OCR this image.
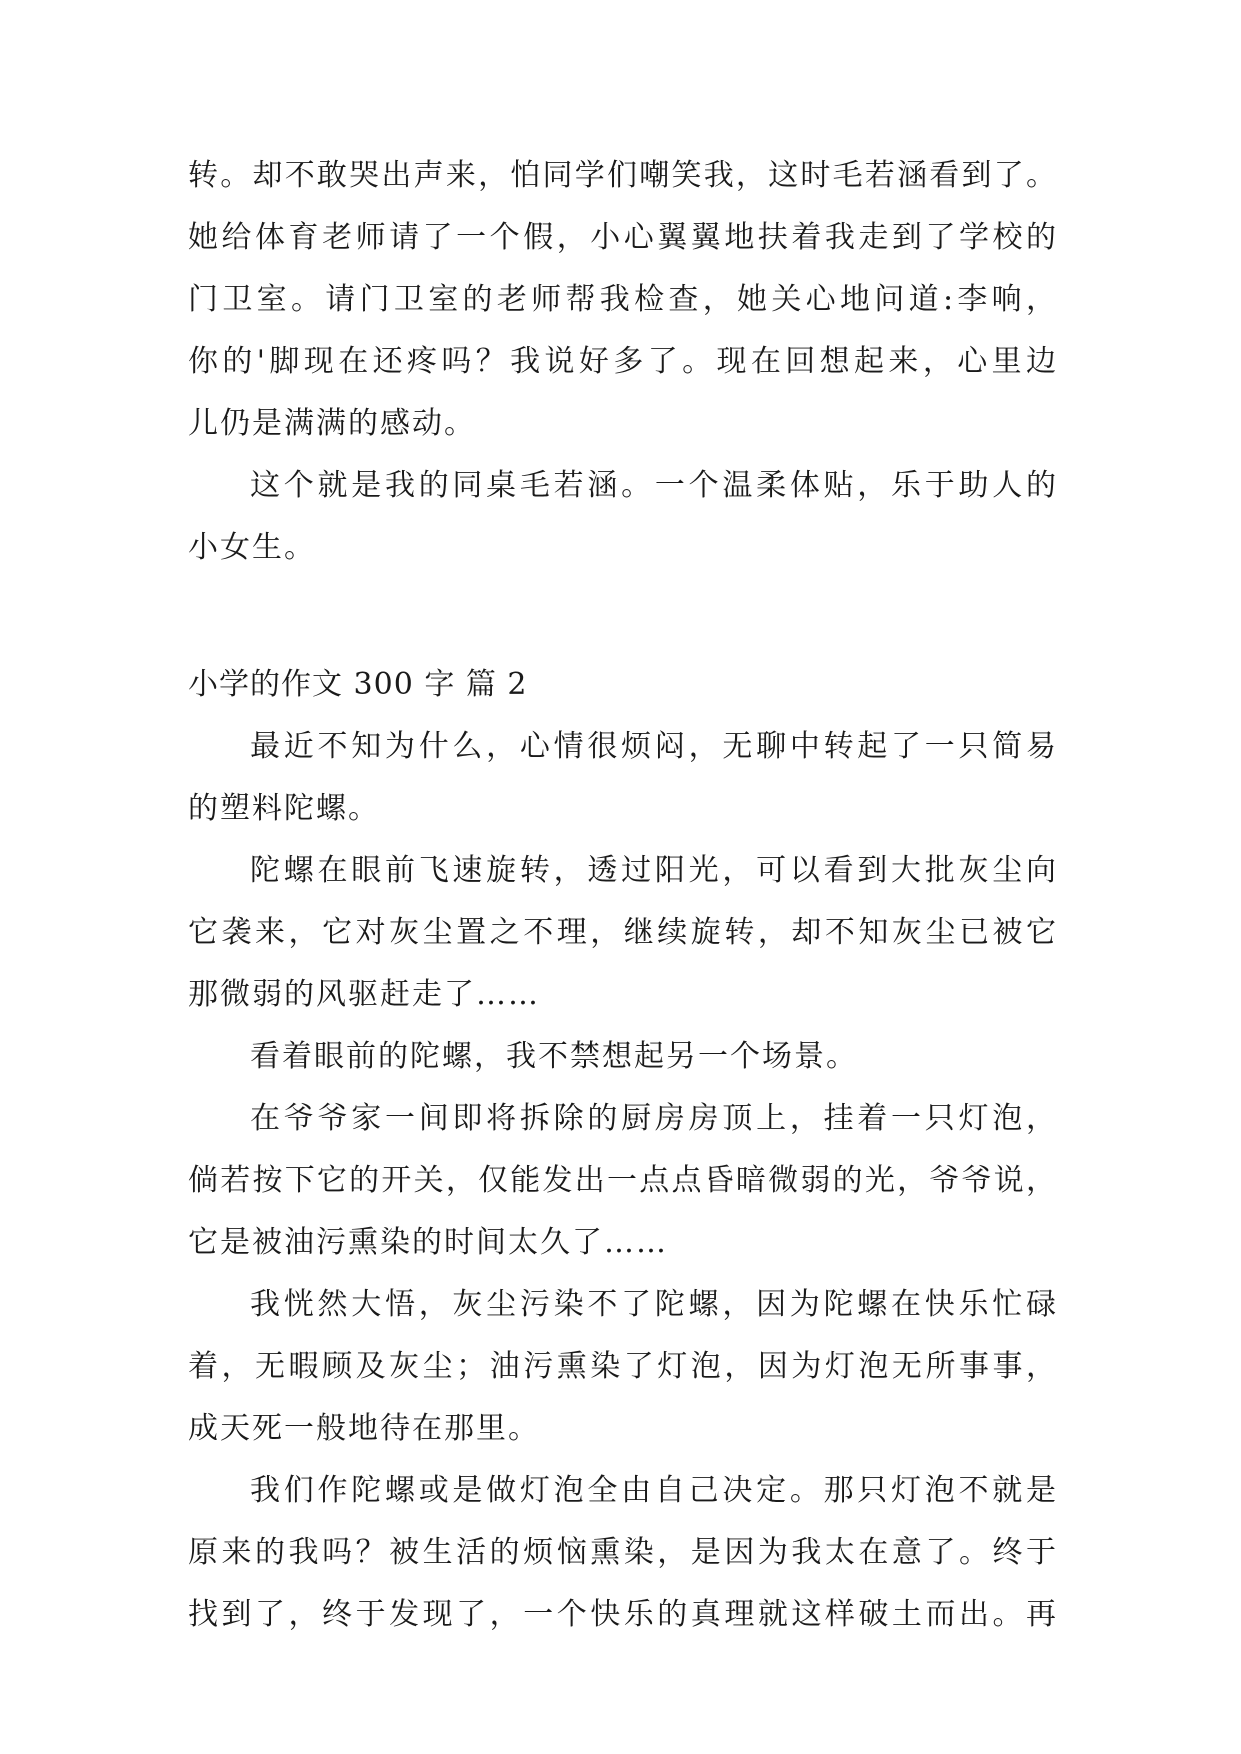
转。却不敢哭出声来，怕同学们嘲笑我，这时毛若涵看到了。
她给体育老师请了一个假，小心翼翼地扶着我走到了学校的
门卫室。请门卫室的老师帮我检查，她关心地问道:李响，
你的'脚现在还疼吗？我说好多了。现在回想起来，心里边
儿仍是满满的感动。
这个就是我的同桌毛若涵。一个温柔体贴，乐于助人的
小女生。
小学的作文 300 字 篇 2
最近不知为什么，心情很烦闷，无聊中转起了一只简易
的塑料陀螺。
陀螺在眼前飞速旋转，透过阳光，可以看到大批灰尘向
它袭来，它对灰尘置之不理，继续旋转，却不知灰尘已被它
那微弱的风驱赶走了……
看着眼前的陀螺，我不禁想起另一个场景。
在爷爷家一间即将拆除的厨房房顶上，挂着一只灯泡，
倘若按下它的开关，仅能发出一点点昏暗微弱的光，爷爷说，
它是被油污熏染的时间太久了……
我恍然大悟，灰尘污染不了陀螺，因为陀螺在快乐忙碌
着，无暇顾及灰尘；油污熏染了灯泡，因为灯泡无所事事，
成天死一般地待在那里。
我们作陀螺或是做灯泡全由自己决定。那只灯泡不就是
原来的我吗？被生活的烦恼熏染，是因为我太在意了。终于
找到了，终于发现了，一个快乐的真理就这样破土而出。再
